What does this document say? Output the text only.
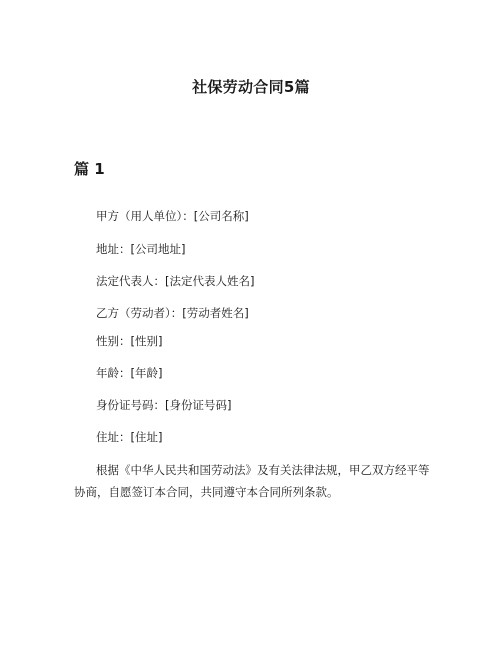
社保劳动合同5篇
篇 1
甲方（用人单位）：[公司名称]
地址：[公司地址]
法定代表人：[法定代表人姓名]
乙方（劳动者）：[劳动者姓名]
性别：[性别]
年龄：[年龄]
身份证号码：[身份证号码]
住址：[住址]
根据《中华人民共和国劳动法》及有关法律法规，甲乙双方经平等协商，自愿签订本合同，共同遵守本合同所列条款。
